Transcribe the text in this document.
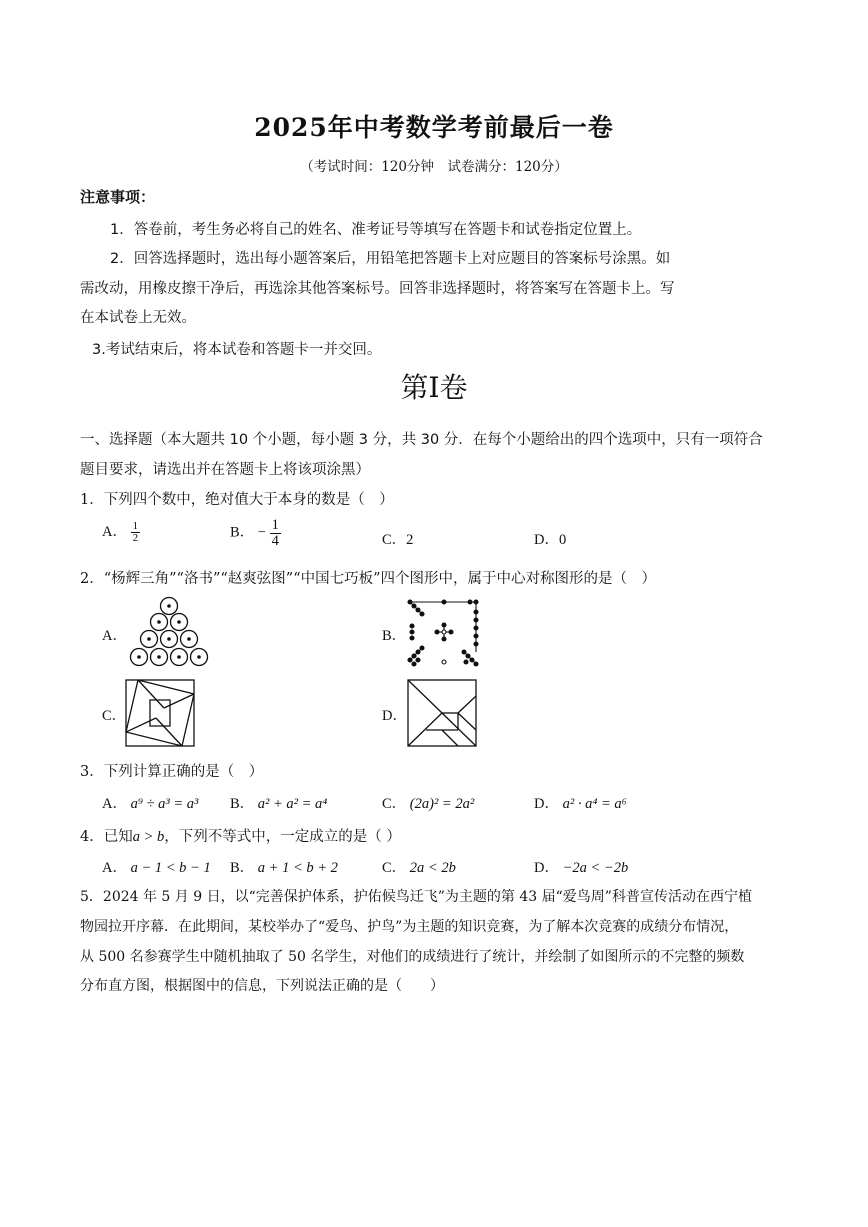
2025年中考数学考前最后一卷
（考试时间：120分钟　试卷满分：120分）
注意事项：
1．答卷前，考生务必将自己的姓名、准考证号等填写在答题卡和试卷指定位置上。
2．回答选择题时，选出每小题答案后，用铅笔把答题卡上对应题目的答案标号涂黑。如
需改动，用橡皮擦干净后，再选涂其他答案标号。回答非选择题时，将答案写在答题卡上。写
在本试卷上无效。
3.考试结束后，将本试卷和答题卡一并交回。
第I卷
一、选择题（本大题共 10 个小题，每小题 3 分，共 30 分．在每个小题给出的四个选项中，只有一项符合
题目要求，请选出并在答题卡上将该项涂黑）
1．下列四个数中，绝对值大于本身的数是（　）
A． $\frac{1}{2}$	B． − $\frac{1}{4}$	C．2	D．0
2．“杨辉三角”“洛书”“赵爽弦图”“中国七巧板”四个图形中，属于中心对称图形的是（　）
A．	B．
C．	D．
3．下列计算正确的是（　）
A． a⁹ ÷ a³ = a³ B． a² + a² = a⁴	C． (2a)² = 2a²	D． a² · a⁴ = a⁶
4．已知a > b，下列不等式中，一定成立的是（ ）
A． a − 1 < b − 1 B． a + 1 < b + 2	C． 2a < 2b	D． −2a < −2b
5．2024 年 5 月 9 日，以“完善保护体系，护佑候鸟迁飞”为主题的第 43 届“爱鸟周”科普宣传活动在西宁植
物园拉开序幕．在此期间，某校举办了“爱鸟、护鸟”为主题的知识竞赛，为了解本次竞赛的成绩分布情况，
从 500 名参赛学生中随机抽取了 50 名学生，对他们的成绩进行了统计，并绘制了如图所示的不完整的频数
分布直方图，根据图中的信息，下列说法正确的是（　　）
